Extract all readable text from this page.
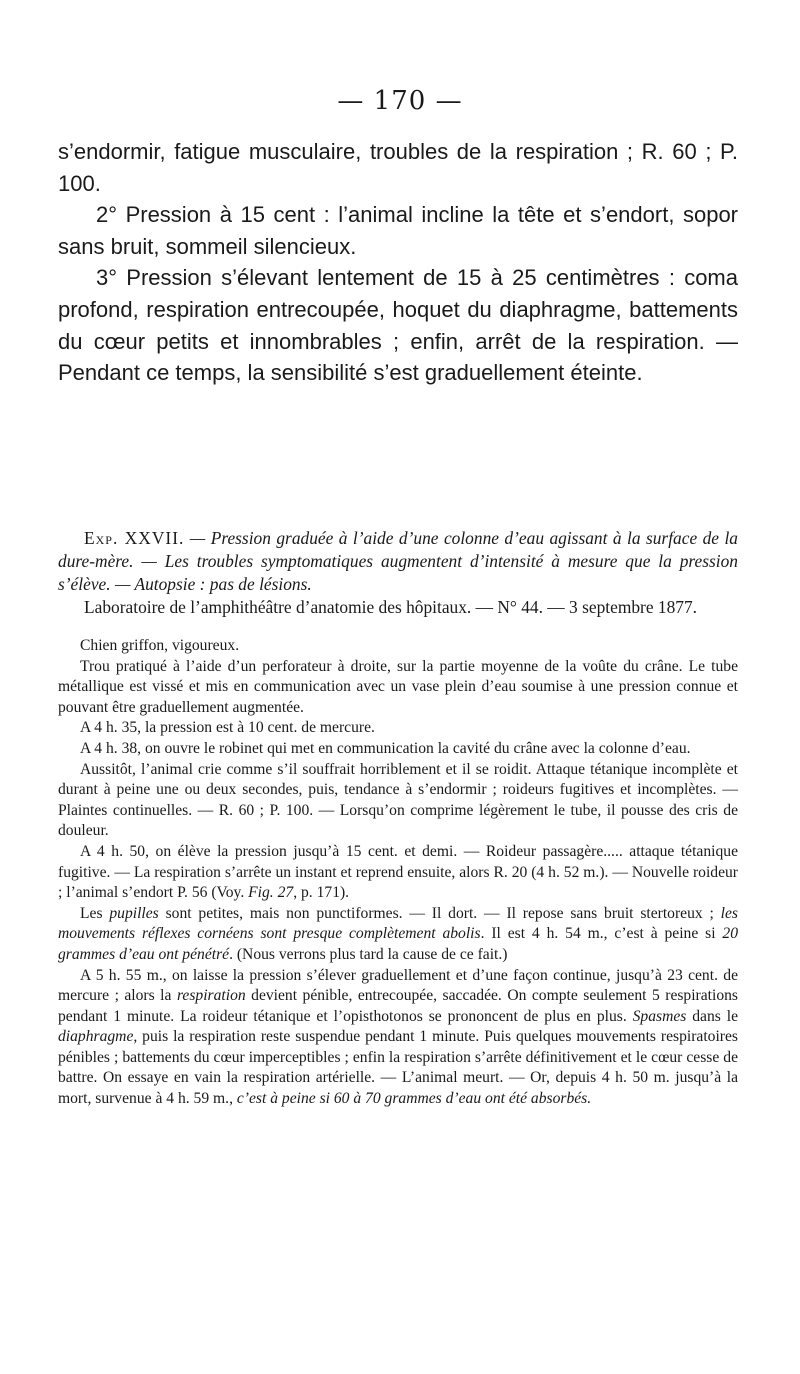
— 170 —

s’endormir, fatigue musculaire, troubles de la respiration ; R. 60 ; P. 100.

2° Pression à 15 cent : l’animal incline la tête et s’endort, sopor sans bruit, sommeil silencieux.

3° Pression s’élevant lentement de 15 à 25 centimètres : coma profond, respiration entrecoupée, hoquet du diaphragme, battements du cœur petits et innombrables ; enfin, arrêt de la respiration. — Pendant ce temps, la sensibilité s’est graduellement éteinte.

Exp. XXVII. — Pression graduée à l’aide d’une colonne d’eau agissant à la surface de la dure-mère. — Les troubles symptomatiques augmentent d’intensité à mesure que la pression s’élève. — Autopsie : pas de lésions.

Laboratoire de l’amphithéâtre d’anatomie des hôpitaux. — N° 44. — 3 septembre 1877.

Chien griffon, vigoureux.

Trou pratiqué à l’aide d’un perforateur à droite, sur la partie moyenne de la voûte du crâne. Le tube métallique est vissé et mis en communication avec un vase plein d’eau soumise à une pression connue et pouvant être graduellement augmentée.

A 4 h. 35, la pression est à 10 cent. de mercure.

A 4 h. 38, on ouvre le robinet qui met en communication la cavité du crâne avec la colonne d’eau.

Aussitôt, l’animal crie comme s’il souffrait horriblement et il se roidit. Attaque tétanique incomplète et durant à peine une ou deux secondes, puis, tendance à s’endormir ; roideurs fugitives et incomplètes. — Plaintes continuelles. — R. 60 ; P. 100. — Lorsqu’on comprime légèrement le tube, il pousse des cris de douleur.

A 4 h. 50, on élève la pression jusqu’à 15 cent. et demi. — Roideur passagère..... attaque tétanique fugitive. — La respiration s’arrête un instant et reprend ensuite, alors R. 20 (4 h. 52 m.). — Nouvelle roideur ; l’animal s’endort P. 56 (Voy. Fig. 27, p. 171).

Les pupilles sont petites, mais non punctiformes. — Il dort. — Il repose sans bruit stertoreux ; les mouvements réflexes cornéens sont presque complètement abolis. Il est 4 h. 54 m., c’est à peine si 20 grammes d’eau ont pénétré. (Nous verrons plus tard la cause de ce fait.)

A 5 h. 55 m., on laisse la pression s’élever graduellement et d’une façon continue, jusqu’à 23 cent. de mercure ; alors la respiration devient pénible, entrecoupée, saccadée. On compte seulement 5 respirations pendant 1 minute. La roideur tétanique et l’opisthotonos se prononcent de plus en plus. Spasmes dans le diaphragme, puis la respiration reste suspendue pendant 1 minute. Puis quelques mouvements respiratoires pénibles ; battements du cœur imperceptibles ; enfin la respiration s’arrête définitivement et le cœur cesse de battre. On essaye en vain la respiration artérielle. — L’animal meurt. — Or, depuis 4 h. 50 m. jusqu’à la mort, survenue à 4 h. 59 m., c’est à peine si 60 à 70 grammes d’eau ont été absorbés.
